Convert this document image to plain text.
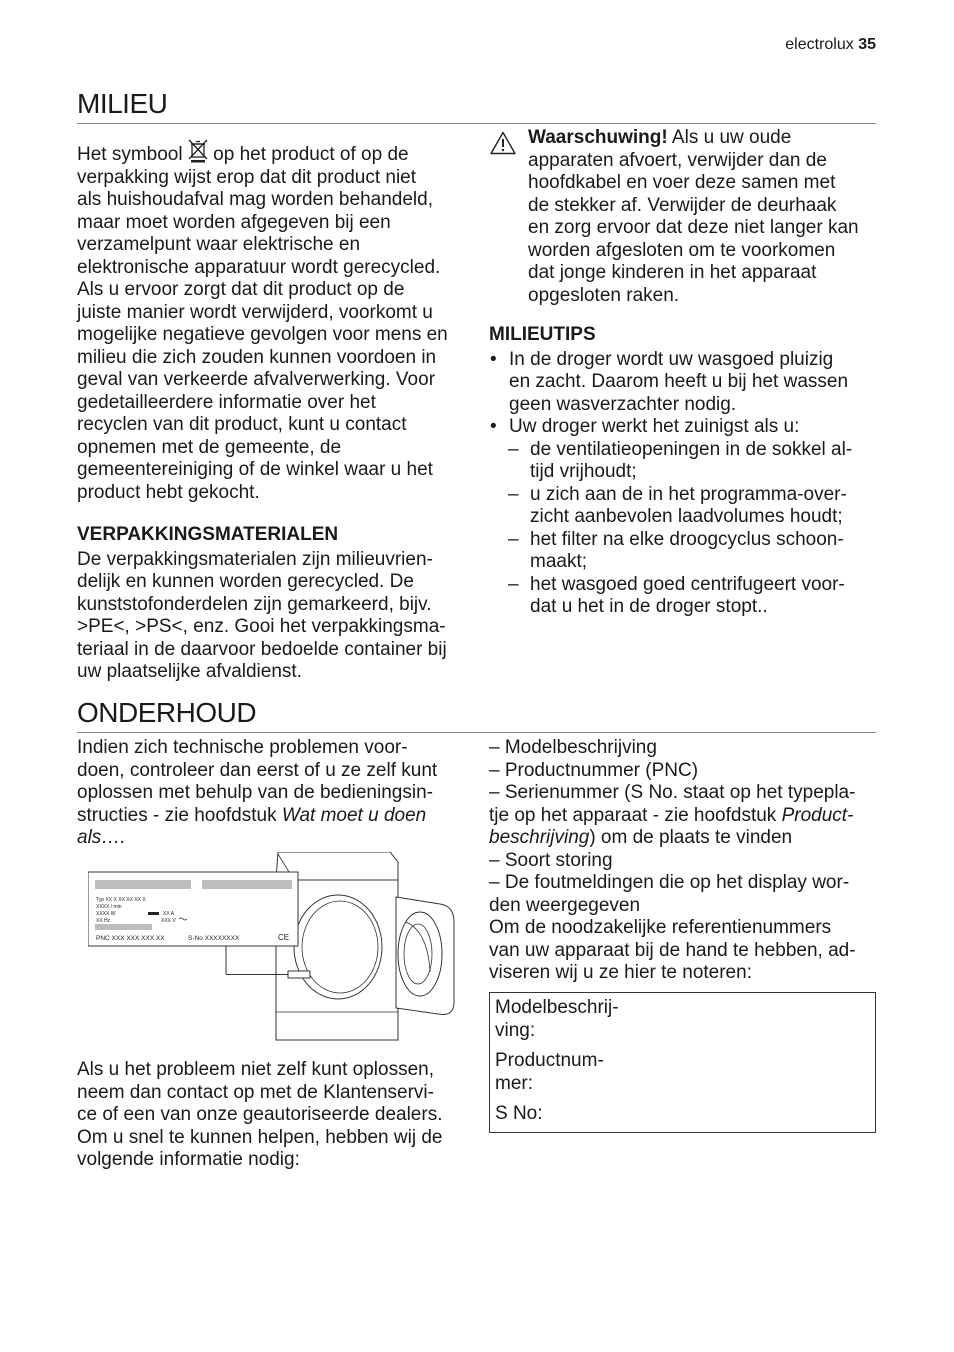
electrolux 35
MILIEU

Het symbool op het product of op de
verpakking wijst erop dat dit product niet
als huishoudafval mag worden behandeld,
maar moet worden afgegeven bij een
verzamelpunt waar elektrische en
elektronische apparatuur wordt gerecycled.
Als u ervoor zorgt dat dit product op de
juiste manier wordt verwijderd, voorkomt u
mogelijke negatieve gevolgen voor mens en
milieu die zich zouden kunnen voordoen in
geval van verkeerde afvalverwerking. Voor
gedetailleerdere informatie over het
recyclen van dit product, kunt u contact
opnemen met de gemeente, de
gemeentereiniging of de winkel waar u het
product hebt gekocht.

VERPAKKINGSMATERIALEN

De verpakkingsmaterialen zijn milieuvrien-
delijk en kunnen worden gerecycled. De
kunststofonderdelen zijn gemarkeerd, bijv.
>PE<, >PS<, enz. Gooi het verpakkingsma-
teriaal in de daarvoor bedoelde container bij
uw plaatselijke afvaldienst.

Waarschuwing! Als u uw oude
apparaten afvoert, verwijder dan de
hoofdkabel en voer deze samen met
de stekker af. Verwijder de deurhaak
en zorg ervoor dat deze niet langer kan
worden afgesloten om te voorkomen
dat jonge kinderen in het apparaat
opgesloten raken.
MILIEUTIPS
• In de droger wordt uw wasgoed pluizig
en zacht. Daarom heeft u bij het wassen
geen wasverzachter nodig.
• Uw droger werkt het zuinigst als u:
– de ventilatieopeningen in de sokkel al-
tijd vrijhoudt;
– u zich aan de in het programma-over-
zicht aanbevolen laadvolumes houdt;
– het filter na elke droogcyclus schoon-
maakt;
– het wasgoed goed centrifugeert voor-
dat u het in de droger stopt..
ONDERHOUD
Indien zich technische problemen voor-
doen, controleer dan eerst of u ze zelf kunt
oplossen met behulp van de bedieningsin-
structies - zie hoofdstuk Wat moet u doen
als….
Typ XX X XX XX XX X
XXXX / min
XXXX W	XX A
XX Hz	XXX V
PNC XXX XXX XXX XX	S-No XXXXXXXX	CE
Als u het probleem niet zelf kunt oplossen,
neem dan contact op met de Klantenservi-
ce of een van onze geautoriseerde dealers.
Om u snel te kunnen helpen, hebben wij de
volgende informatie nodig:
– Modelbeschrijving
– Productnummer (PNC)
– Serienummer (S No. staat op het typepla-
tje op het apparaat - zie hoofdstuk Product-
beschrijving) om de plaats te vinden
– Soort storing
– De foutmeldingen die op het display wor-
den weergegeven
Om de noodzakelijke referentienummers
van uw apparaat bij de hand te hebben, ad-
viseren wij u ze hier te noteren:
Modelbeschrij-
ving:
Productnum-
mer:
S No:
